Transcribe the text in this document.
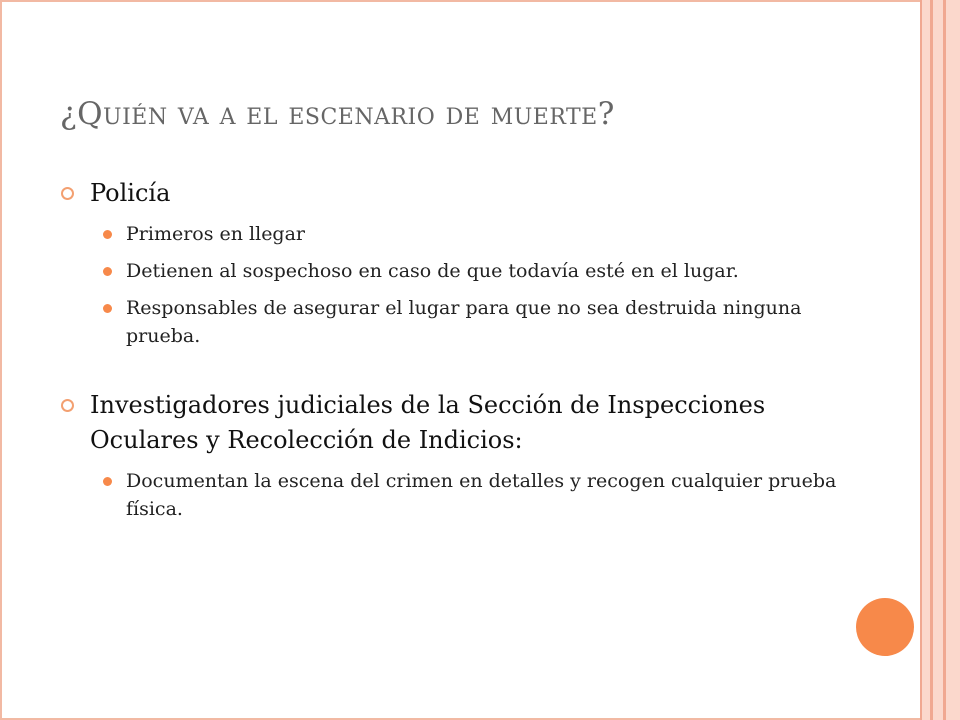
¿Quién va a el escenario de muerte?
Policía
Primeros en llegar
Detienen al sospechoso en caso de que todavía esté en el lugar.
Responsables de asegurar el lugar para que no sea destruida ninguna prueba.
Investigadores judiciales de la Sección de Inspecciones Oculares y Recolección de Indicios:
Documentan la escena del crimen en detalles y recogen cualquier prueba física.
